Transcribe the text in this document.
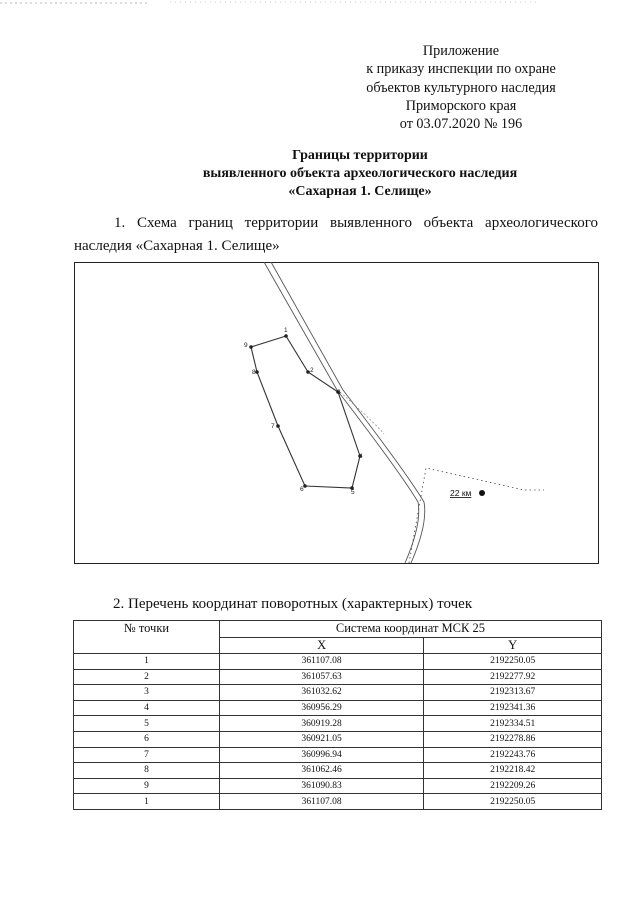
Приложение
к приказу инспекции по охране
объектов культурного наследия
Приморского края
от 03.07.2020 № 196
Границы территории
выявленного объекта археологического наследия
«Сахарная 1. Селище»
1. Схема границ территории выявленного объекта археологического наследия «Сахарная 1. Селище»
1
2
3
4
5
6
7
8
9
22 км
2. Перечень координат поворотных (характерных) точек
№ точки	Система координат МСК 25	
	X	Y
1	361107.08	2192250.05
2	361057.63	2192277.92
3	361032.62	2192313.67
4	360956.29	2192341.36
5	360919.28	2192334.51
6	360921.05	2192278.86
7	360996.94	2192243.76
8	361062.46	2192218.42
9	361090.83	2192209.26
1	361107.08	2192250.05
